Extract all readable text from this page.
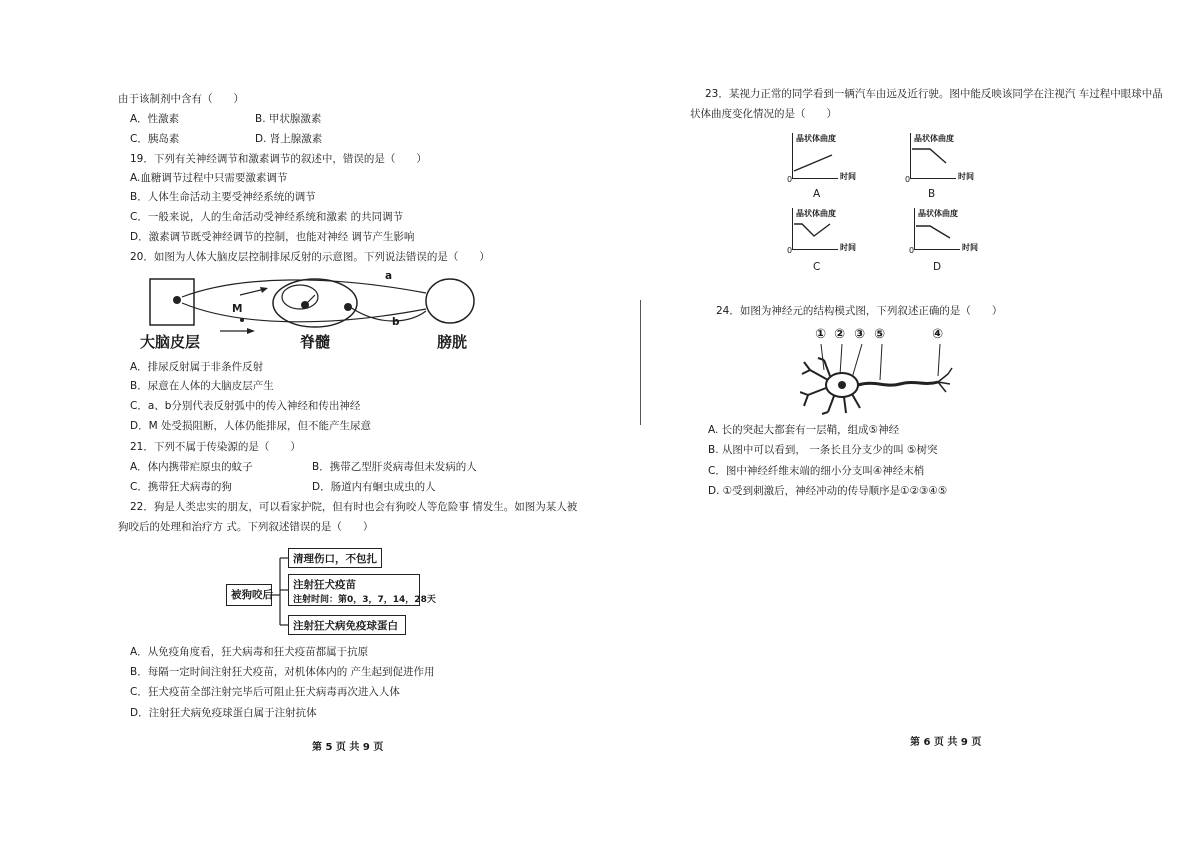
由于该制剂中含有（　　）
A．性激素	B. 甲状腺激素
C．胰岛素	D. 肾上腺激素
19．下列有关神经调节和激素调节的叙述中，错误的是（　　）
A.血糖调节过程中只需要激素调节
B．人体生命活动主要受神经系统的调节
C．一般来说，人的生命活动受神经系统和激素 的共同调节
D．激素调节既受神经调节的控制，也能对神经 调节产生影响
20．如图为人体大脑皮层控制排尿反射的示意图。下列说法错误的是（　　）
a
M
b
大脑皮层	脊髓	膀胱
A．排尿反射属于非条件反射
B．尿意在人体的大脑皮层产生
C．a、b分别代表反射弧中的传入神经和传出神经
D．M 处受损阻断，人体仍能排尿，但不能产生尿意
21．下列不属于传染源的是（　　）
A．体内携带疟原虫的蚊子	B．携带乙型肝炎病毒但未发病的人
C．携带狂犬病毒的狗	D．肠道内有蛔虫成虫的人
22．狗是人类忠实的朋友，可以看家护院，但有时也会有狗咬人等危险事 情发生。如图为某人被
狗咬后的处理和治疗方 式。下列叙述错误的是（　　）
被狗咬后
清理伤口，不包扎
注射狂犬疫苗
注射时间：第0，3，7，14，28天
注射狂犬病免疫球蛋白
A．从免疫角度看，狂犬病毒和狂犬疫苗都属于抗原
B．每隔一定时间注射狂犬疫苗，对机体体内的 产生起到促进作用
C．狂犬疫苗全部注射完毕后可阻止狂犬病毒再次进入人体
D．注射狂犬病免疫球蛋白属于注射抗体
第 5 页 共 9 页
23．某视力正常的同学看到一辆汽车由远及近行驶。图中能反映该同学在注视汽 车过程中眼球中晶
状体曲度变化情况的是（　　）
晶状体曲度
时间
0
A
晶状体曲度
时间
0
B
晶状体曲度
时间
0
C
晶状体曲度
时间
0
D
24．如图为神经元的结构模式图，下列叙述正确的是（　　）
① ② ③ ⑤	④
A. 长的突起大都套有一层鞘，组成⑤神经
B. 从图中可以看到， 一条长且分支少的叫 ⑤树突
C．图中神经纤维末端的细小分支叫④神经末梢
D. ①受到刺激后，神经冲动的传导顺序是①②③④⑤
第 6 页 共 9 页
